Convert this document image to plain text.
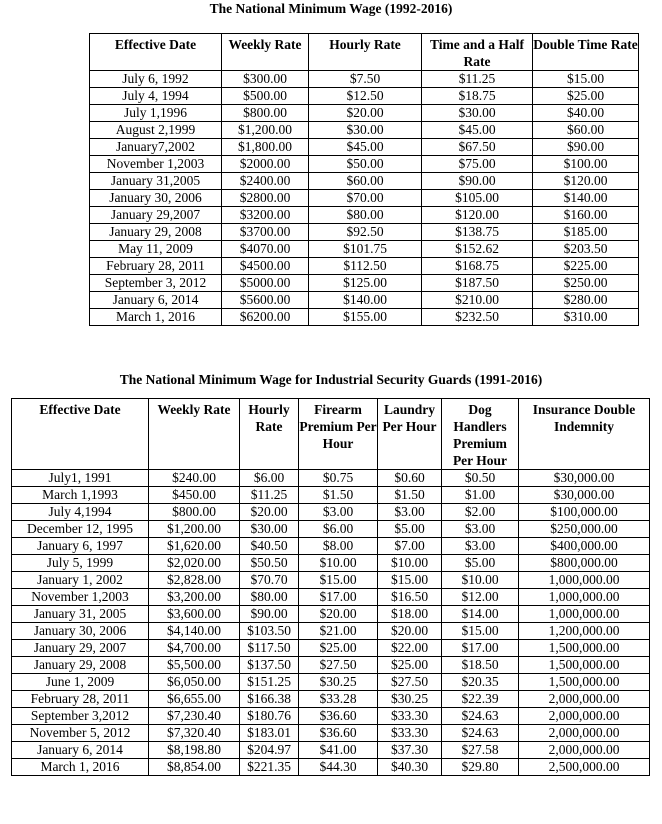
The National Minimum Wage (1992-2016)

Effective Date	Weekly Rate	Hourly Rate	Time and a Half Rate	Double Time Rate
July 6, 1992	$300.00	$7.50	$11.25	$15.00
July 4, 1994	$500.00	$12.50	$18.75	$25.00
July 1,1996	$800.00	$20.00	$30.00	$40.00
August 2,1999	$1,200.00	$30.00	$45.00	$60.00
January7,2002	$1,800.00	$45.00	$67.50	$90.00
November 1,2003	$2000.00	$50.00	$75.00	$100.00
January 31,2005	$2400.00	$60.00	$90.00	$120.00
January 30, 2006	$2800.00	$70.00	$105.00	$140.00
January 29,2007	$3200.00	$80.00	$120.00	$160.00
January 29, 2008	$3700.00	$92.50	$138.75	$185.00
May 11, 2009	$4070.00	$101.75	$152.62	$203.50
February 28, 2011	$4500.00	$112.50	$168.75	$225.00
September 3, 2012	$5000.00	$125.00	$187.50	$250.00
January 6, 2014	$5600.00	$140.00	$210.00	$280.00
March 1, 2016	$6200.00	$155.00	$232.50	$310.00

The National Minimum Wage for Industrial Security Guards (1991-2016)

Effective Date	Weekly Rate	Hourly Rate	Firearm Premium Per Hour	Laundry Per Hour	Dog Handlers Premium Per Hour	Insurance Double Indemnity
July1, 1991	$240.00	$6.00	$0.75	$0.60	$0.50	$30,000.00
March 1,1993	$450.00	$11.25	$1.50	$1.50	$1.00	$30,000.00
July 4,1994	$800.00	$20.00	$3.00	$3.00	$2.00	$100,000.00
December 12, 1995	$1,200.00	$30.00	$6.00	$5.00	$3.00	$250,000.00
January 6, 1997	$1,620.00	$40.50	$8.00	$7.00	$3.00	$400,000.00
July 5, 1999	$2,020.00	$50.50	$10.00	$10.00	$5.00	$800,000.00
January 1, 2002	$2,828.00	$70.70	$15.00	$15.00	$10.00	1,000,000.00
November 1,2003	$3,200.00	$80.00	$17.00	$16.50	$12.00	1,000,000.00
January 31, 2005	$3,600.00	$90.00	$20.00	$18.00	$14.00	1,000,000.00
January 30, 2006	$4,140.00	$103.50	$21.00	$20.00	$15.00	1,200,000.00
January 29, 2007	$4,700.00	$117.50	$25.00	$22.00	$17.00	1,500,000.00
January 29, 2008	$5,500.00	$137.50	$27.50	$25.00	$18.50	1,500,000.00
June 1, 2009	$6,050.00	$151.25	$30.25	$27.50	$20.35	1,500,000.00
February 28, 2011	$6,655.00	$166.38	$33.28	$30.25	$22.39	2,000,000.00
September 3,2012	$7,230.40	$180.76	$36.60	$33.30	$24.63	2,000,000.00
November 5, 2012	$7,320.40	$183.01	$36.60	$33.30	$24.63	2,000,000.00
January 6, 2014	$8,198.80	$204.97	$41.00	$37.30	$27.58	2,000,000.00
March 1, 2016	$8,854.00	$221.35	$44.30	$40.30	$29.80	2,500,000.00
